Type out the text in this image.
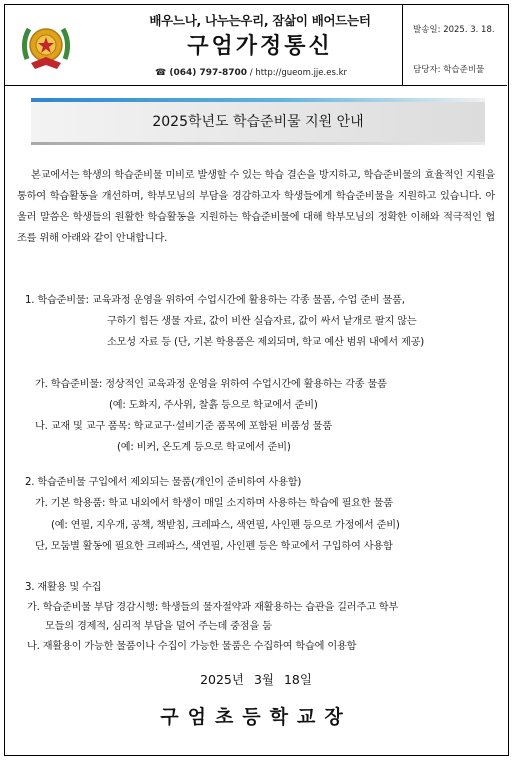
배우느나, 나누는우리, 잠삶이 배어드는터
구엄가정통신
☎ (064) 797-8700 / http://gueom.jje.es.kr
발송일: 2025. 3. 18.
담당자: 학습준비물
2025학년도 학습준비물 지원 안내
본교에서는 학생의 학습준비물 미비로 발생할 수 있는 학습 결손을 방지하고, 학습준비물의 효율적인 지원을 통하여 학습활동을 개선하며, 학부모님의 부담을 경감하고자 학생들에게 학습준비물을 지원하고 있습니다. 아울러 말씀은 학생들의 원활한 학습활동을 지원하는 학습준비물에 대해 학부모님의 정확한 이해와 적극적인 협조를 위해 아래와 같이 안내합니다.
1. 학습준비물: 교육과정 운영을 위하여 수업시간에 활용하는 각종 물품, 수업 준비 물품,
구하기 힘든 생물 자료, 값이 비싼 실습자료, 값이 싸서 낱개로 팔지 않는
소모성 자료 등 (단, 기본 학용품은 제외되며, 학교 예산 범위 내에서 제공)
가. 학습준비물: 정상적인 교육과정 운영을 위하여 수업시간에 활용하는 각종 물품
(예: 도화지, 주사위, 찰흙 등으로 학교에서 준비)
나. 교재 및 교구 품목: 학교교구·설비기준 품목에 포함된 비품성 물품
(예: 비커, 온도계 등으로 학교에서 준비)
2. 학습준비물 구입에서 제외되는 물품(개인이 준비하여 사용함)
가. 기본 학용품: 학교 내외에서 학생이 매일 소지하며 사용하는 학습에 필요한 물품
(예: 연필, 지우개, 공책, 책받침, 크레파스, 색연필, 사인펜 등으로 가정에서 준비)
단, 모둠별 활동에 필요한 크레파스, 색연필, 사인펜 등은 학교에서 구입하여 사용함
3. 재활용 및 수집
가. 학습준비물 부담 경감시행: 학생들의 물자절약과 재활용하는 습관을 길러주고 학부
모들의 경제적, 심리적 부담을 덜어 주는데 중점을 둠
나. 재활용이 가능한 물품이나 수집이 가능한 물품은 수집하여 학습에 이용함
2025년 3월 18일
구엄초등학교장
